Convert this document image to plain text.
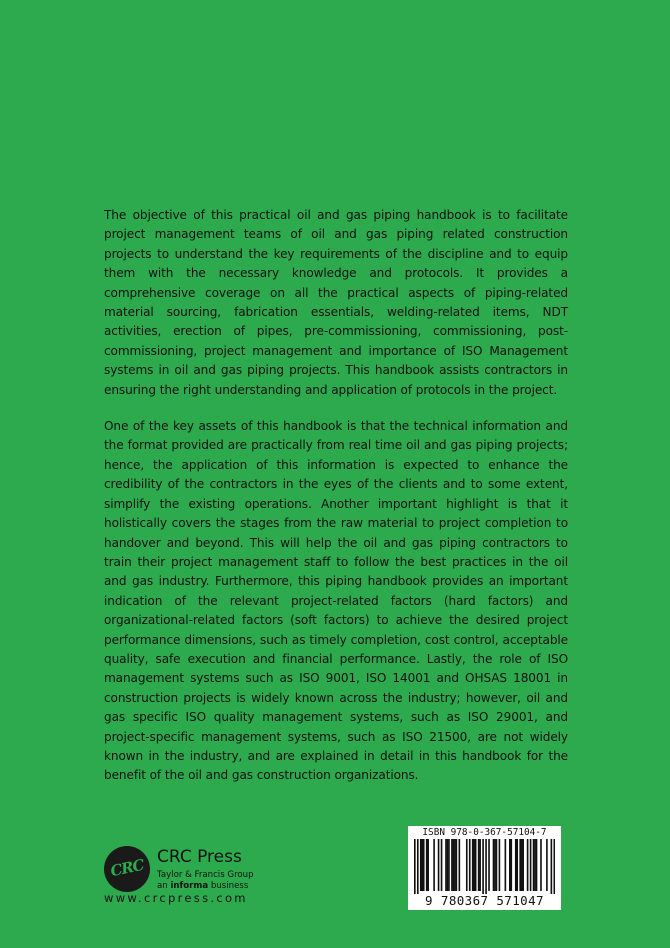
The objective of this practical oil and gas piping handbook is to facilitate project management teams of oil and gas piping related construction projects to understand the key requirements of the discipline and to equip them with the necessary knowledge and protocols. It provides a comprehensive coverage on all the practical aspects of piping-related material sourcing, fabrication essentials, welding-related items, NDT activities, erection of pipes, pre-commissioning, commissioning, post-commissioning, project management and importance of ISO Management systems in oil and gas piping projects. This handbook assists contractors in ensuring the right understanding and application of protocols in the project.

One of the key assets of this handbook is that the technical information and the format provided are practically from real time oil and gas piping projects; hence, the application of this information is expected to enhance the credibility of the contractors in the eyes of the clients and to some extent, simplify the existing operations. Another important highlight is that it holistically covers the stages from the raw material to project completion to handover and beyond. This will help the oil and gas piping contractors to train their project management staff to follow the best practices in the oil and gas industry. Furthermore, this piping handbook provides an important indication of the relevant project-related factors (hard factors) and organizational-related factors (soft factors) to achieve the desired project performance dimensions, such as timely completion, cost control, acceptable quality, safe execution and financial performance. Lastly, the role of ISO management systems such as ISO 9001, ISO 14001 and OHSAS 18001 in construction projects is widely known across the industry; however, oil and gas specific ISO quality management systems, such as ISO 29001, and project-specific management systems, such as ISO 21500, are not widely known in the industry, and are explained in detail in this handbook for the benefit of the oil and gas construction organizations.

CRC CRC Press
Taylor & Francis Group
an informa business
www.crcpress.com
ISBN 978-0-367-57104-7
9 780367 571047
